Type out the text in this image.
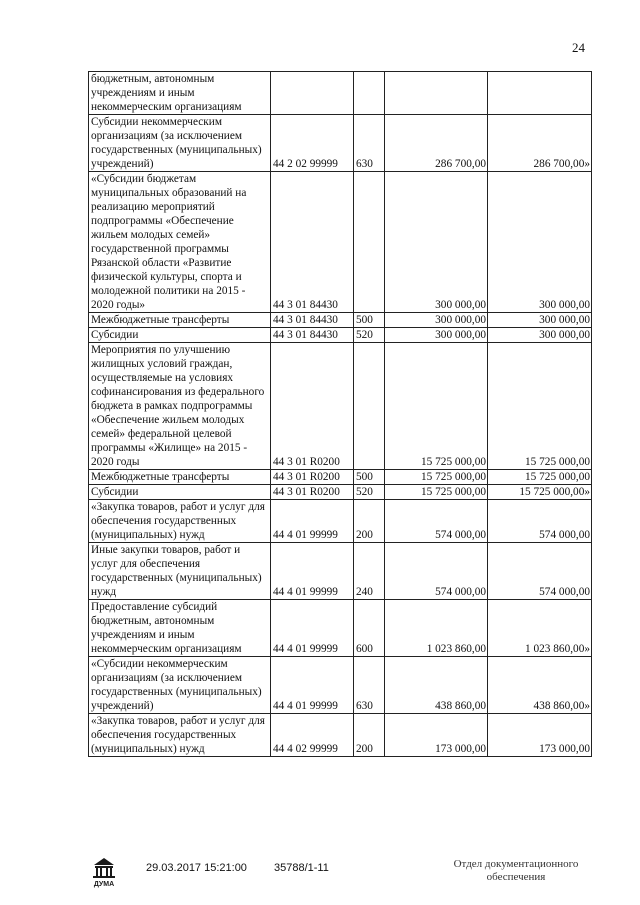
24
бюджетным, автономным учреждениям и иным некоммерческим организациям				
Субсидии некоммерческим организациям (за исключением государственных (муниципальных) учреждений)	44 2 02 99999	630	286 700,00	286 700,00»
«Субсидии бюджетам муниципальных образований на реализацию мероприятий подпрограммы «Обеспечение жильем молодых семей» государственной программы Рязанской области «Развитие физической культуры, спорта и молодежной политики на 2015 - 2020 годы»	44 3 01 84430		300 000,00	300 000,00
Межбюджетные трансферты	44 3 01 84430	500	300 000,00	300 000,00
Субсидии	44 3 01 84430	520	300 000,00	300 000,00
Мероприятия по улучшению жилищных условий граждан, осуществляемые на условиях софинансирования из федерального бюджета в рамках подпрограммы «Обеспечение жильем молодых семей» федеральной целевой программы «Жилище» на 2015 - 2020 годы	44 3 01 R0200		15 725 000,00	15 725 000,00
Межбюджетные трансферты	44 3 01 R0200	500	15 725 000,00	15 725 000,00
Субсидии	44 3 01 R0200	520	15 725 000,00	15 725 000,00»
«Закупка товаров, работ и услуг для обеспечения государственных (муниципальных) нужд	44 4 01 99999	200	574 000,00	574 000,00
Иные закупки товаров, работ и услуг для обеспечения государственных (муниципальных) нужд	44 4 01 99999	240	574 000,00	574 000,00
Предоставление субсидий бюджетным, автономным учреждениям и иным некоммерческим организациям	44 4 01 99999	600	1 023 860,00	1 023 860,00»
«Субсидии некоммерческим организациям (за исключением государственных (муниципальных) учреждений)	44 4 01 99999	630	438 860,00	438 860,00»
«Закупка товаров, работ и услуг для обеспечения государственных (муниципальных) нужд	44 4 02 99999	200	173 000,00	173 000,00
ДУМА
29.03.2017 15:21:00 35788/1-11	Отдел документационного обеспечения
